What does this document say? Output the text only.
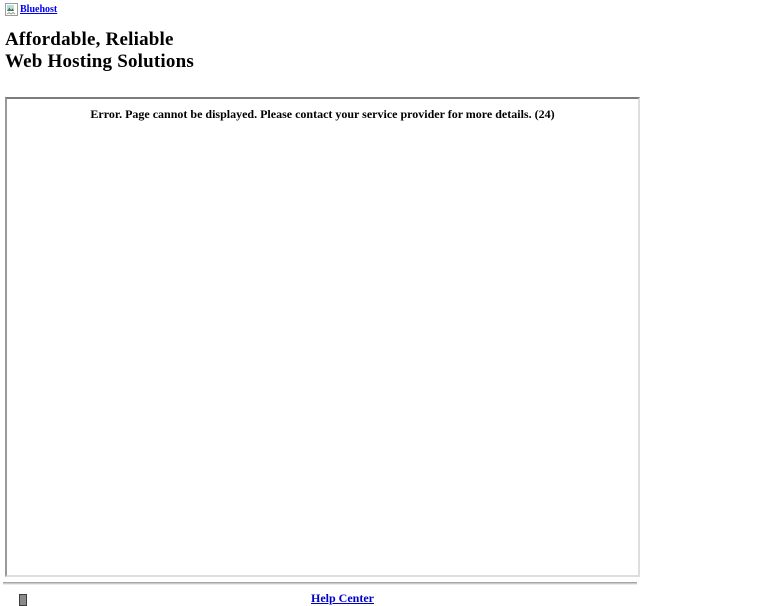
Bluehost
Affordable, Reliable
Web Hosting Solutions

Error. Page cannot be displayed. Please contact your service provider for more details. (24)

Help Center
